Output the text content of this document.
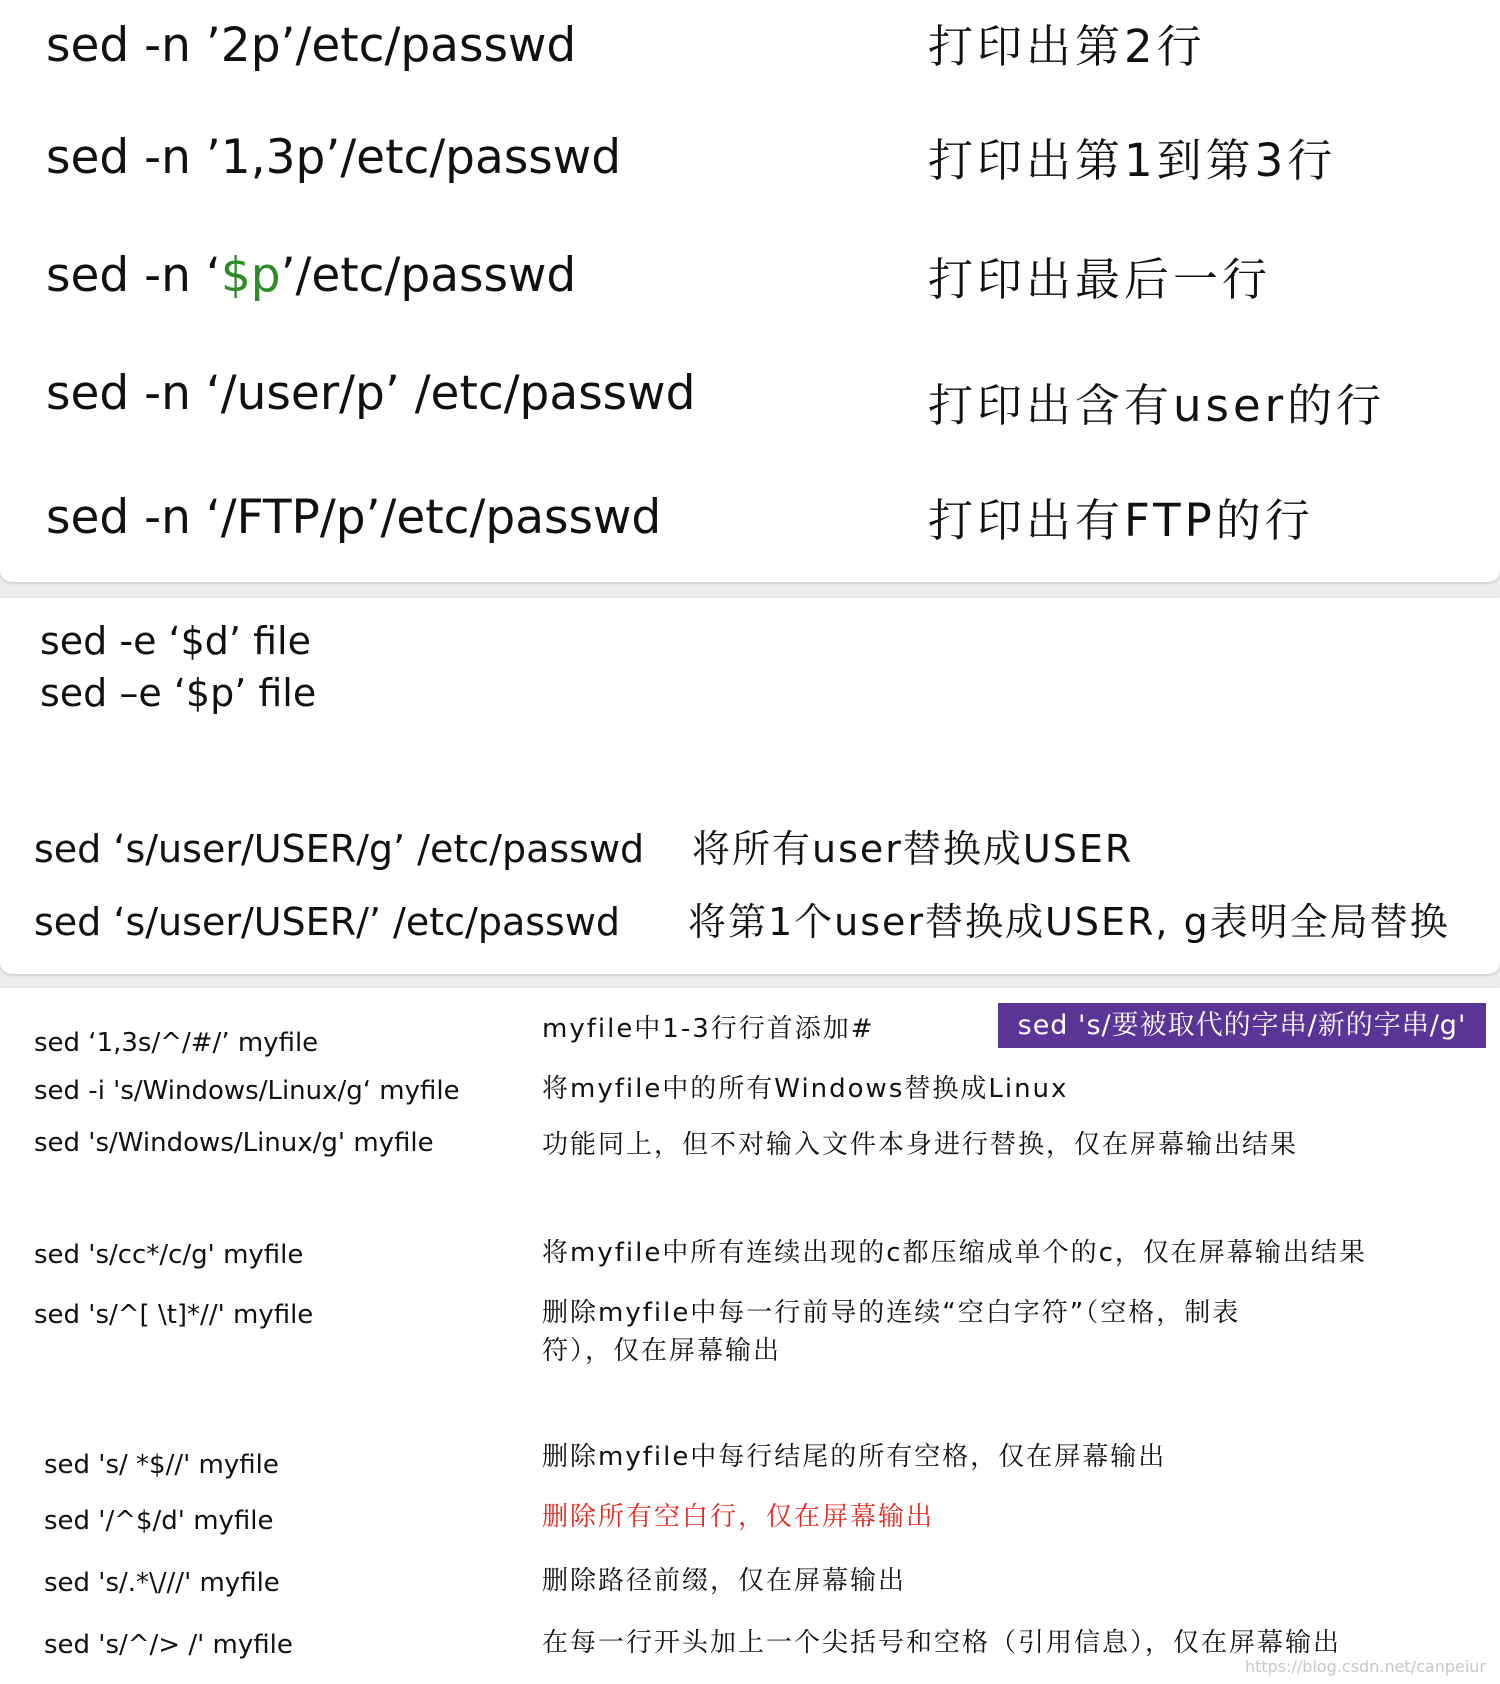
sed -n ’2p’/etc/passwd	打印出第2行
sed -n ’1,3p’/etc/passwd	打印出第1到第3行
sed -n ‘$p’/etc/passwd	打印出最后一行
sed -n ‘/user/p’ /etc/passwd	打印出含有user的行
sed -n ‘/FTP/p’/etc/passwd	打印出有FTP的行
sed -e ‘$d’ file
sed –e ‘$p’ file
sed ‘s/user/USER/g’ /etc/passwd 将所有user替换成USER
sed ‘s/user/USER/’ /etc/passwd 将第1个user替换成USER, g表明全局替换
sed 's/要被取代的字串/新的字串/g'
sed ‘1,3s/^/#/’ myfile	myfile中1-3行行首添加#
sed -i 's/Windows/Linux/g‘ myfile	将myfile中的所有Windows替换成Linux
sed 's/Windows/Linux/g' myfile	功能同上，但不对输入文件本身进行替换，仅在屏幕输出结果
sed 's/cc*/c/g' myfile	将myfile中所有连续出现的c都压缩成单个的c，仅在屏幕输出结果
sed 's/^[ \t]*//' myfile	删除myfile中每一行前导的连续“空白字符”（空格，制表
符），仅在屏幕输出
sed 's/ *$//' myfile	删除myfile中每行结尾的所有空格，仅在屏幕输出
sed '/^$/d' myfile	删除所有空白行，仅在屏幕输出
sed 's/.*\///' myfile	删除路径前缀，仅在屏幕输出
sed 's/^/> /' myfile	在每一行开头加上一个尖括号和空格（引用信息），仅在屏幕输出
https://blog.csdn.net/canpeiur
